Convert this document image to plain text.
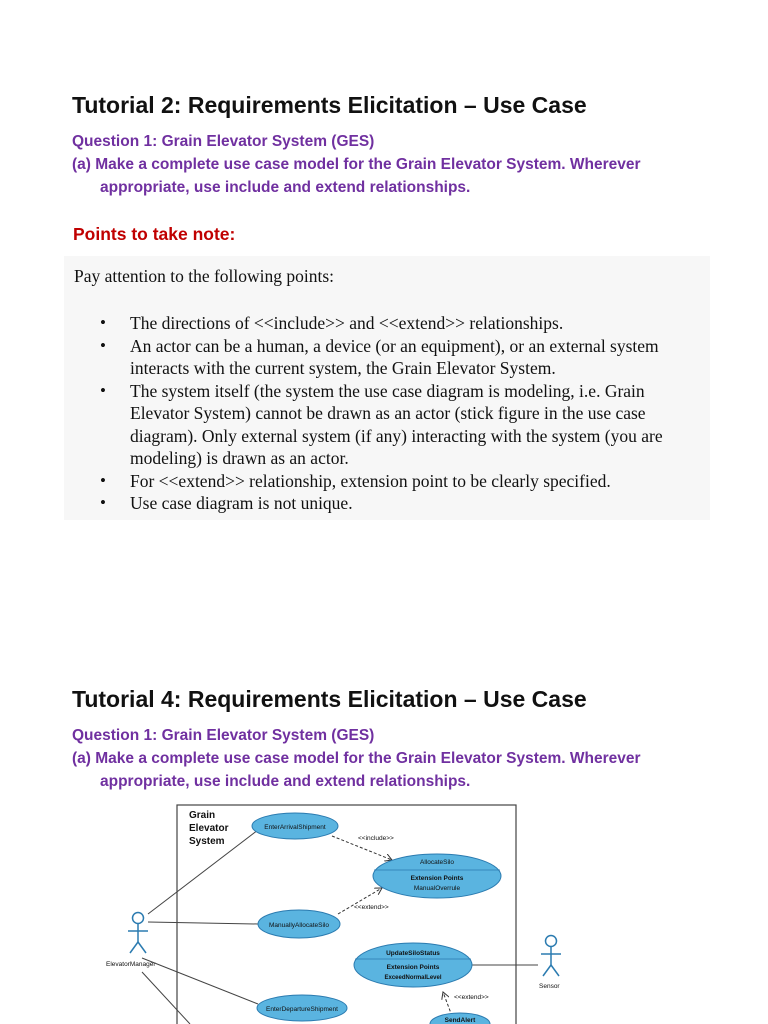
Tutorial 2: Requirements Elicitation – Use Case
Question 1: Grain Elevator System (GES)
(a) Make a complete use case model for the Grain Elevator System. Wherever
appropriate, use include and extend relationships.
Points to take note:
Pay attention to the following points:
• The directions of <<include>> and <<extend>> relationships.
• An actor can be a human, a device (or an equipment), or an external system interacts with the current system, the Grain Elevator System.
• The system itself (the system the use case diagram is modeling, i.e. Grain Elevator System) cannot be drawn as an actor (stick figure in the use case diagram). Only external system (if any) interacting with the system (you are modeling) is drawn as an actor.
• For <<extend>> relationship, extension point to be clearly specified.
• Use case diagram is not unique.
Tutorial 4: Requirements Elicitation – Use Case
Question 1: Grain Elevator System (GES)
(a) Make a complete use case model for the Grain Elevator System. Wherever
appropriate, use include and extend relationships.
Grain
Elevator
System
ElevatorManager
Sensor
<<include>>
<<extend>>
<<extend>>
EnterArrivalShipment
AllocateSilo
Extension Points
ManualOverrule
ManuallyAllocateSilo
UpdateSiloStatus
Extension Points
ExceedNormalLevel
EnterDepartureShipment
SendAlert
